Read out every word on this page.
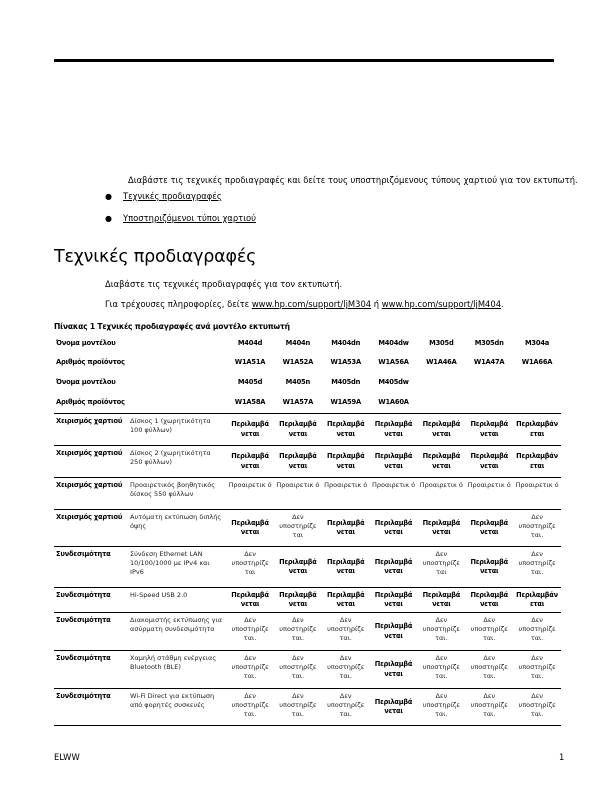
Διαβάστε τις τεχνικές προδιαγραφές και δείτε τους υποστηριζόμενους τύπους χαρτιού για τον εκτυπωτή.
● Τεχνικές προδιαγραφές
● Υποστηριζόμενοι τύποι χαρτιού
Τεχνικές προδιαγραφές
Διαβάστε τις τεχνικές προδιαγραφές για τον εκτυπωτή.
Για τρέχουσες πληροφορίες, δείτε www.hp.com/support/ljM304 ή www.hp.com/support/ljM404.
Πίνακας 1 Τεχνικές προδιαγραφές ανά μοντέλο εκτυπωτή
Όνομα μοντέλου		M404d	M404n	M404dn	M404dw	M305d	M305dn	M304a
Αριθμός προϊόντος		W1A51A	W1A52A	W1A53A	W1A56A	W1A46A	W1A47A	W1A66A
Όνομα μοντέλου		M405d	M405n	M405dn	M405dw			
Αριθμός προϊόντος		W1A58A	W1A57A	W1A59A	W1A60A			
Χειρισμός χαρτιού	Δίσκος 1 (χωρητικότητα 100 φύλλων)	Περιλαμβά νεται	Περιλαμβά νεται	Περιλαμβά νεται	Περιλαμβά νεται	Περιλαμβά νεται	Περιλαμβά νεται	Περιλαμβάν εται
Χειρισμός χαρτιού	Δίσκος 2 (χωρητικότητα 250 φύλλων)	Περιλαμβά νεται	Περιλαμβά νεται	Περιλαμβά νεται	Περιλαμβά νεται	Περιλαμβά νεται	Περιλαμβά νεται	Περιλαμβάν εται
Χειρισμός χαρτιού	Προαιρετικός βοηθητικός δίσκος 550 φύλλων	Προαιρετικ ό	Προαιρετικ ό	Προαιρετικ ό	Προαιρετικ ό	Προαιρετικ ό	Προαιρετικ ό	Προαιρετικ ό
Χειρισμός χαρτιού	Αυτόματη εκτύπωση διπλής όψης	Περιλαμβά νεται	Δεν υποστηρίζε ται	Περιλαμβά νεται	Περιλαμβά νεται	Περιλαμβά νεται	Περιλαμβά νεται	Δεν υποστηρίζε ται.
Συνδεσιμότητα	Σύνδεση Ethernet LAN 10/100/1000 με IPv4 και IPv6	Δεν υποστηρίζε ται	Περιλαμβά νεται	Περιλαμβά νεται	Περιλαμβά νεται	Δεν υποστηρίζε ται	Περιλαμβά νεται	Δεν υποστηρίζε ται.
Συνδεσιμότητα	Hi-Speed USB 2.0	Περιλαμβά νεται	Περιλαμβά νεται	Περιλαμβά νεται	Περιλαμβά νεται	Περιλαμβά νεται	Περιλαμβά νεται	Περιλαμβάν εται
Συνδεσιμότητα	Διακομιστής εκτύπωσης για ασύρματη συνδεσιμότητα	Δεν υποστηρίζε ται.	Δεν υποστηρίζε ται.	Δεν υποστηρίζε ται.	Περιλαμβά νεται	Δεν υποστηρίζε ται.	Δεν υποστηρίζε ται.	Δεν υποστηρίζε ται.
Συνδεσιμότητα	Χαμηλή στάθμη ενέργειας Bluetooth (BLE)	Δεν υποστηρίζε ται.	Δεν υποστηρίζε ται.	Δεν υποστηρίζε ται.	Περιλαμβά νεται	Δεν υποστηρίζε ται.	Δεν υποστηρίζε ται.	Δεν υποστηρίζε ται.
Συνδεσιμότητα	Wi-Fi Direct για εκτύπωση από φορητές συσκευές	Δεν υποστηρίζε ται.	Δεν υποστηρίζε ται.	Δεν υποστηρίζε ται.	Περιλαμβά νεται	Δεν υποστηρίζε ται.	Δεν υποστηρίζε ται.	Δεν υποστηρίζε ται.
ELWW	1
